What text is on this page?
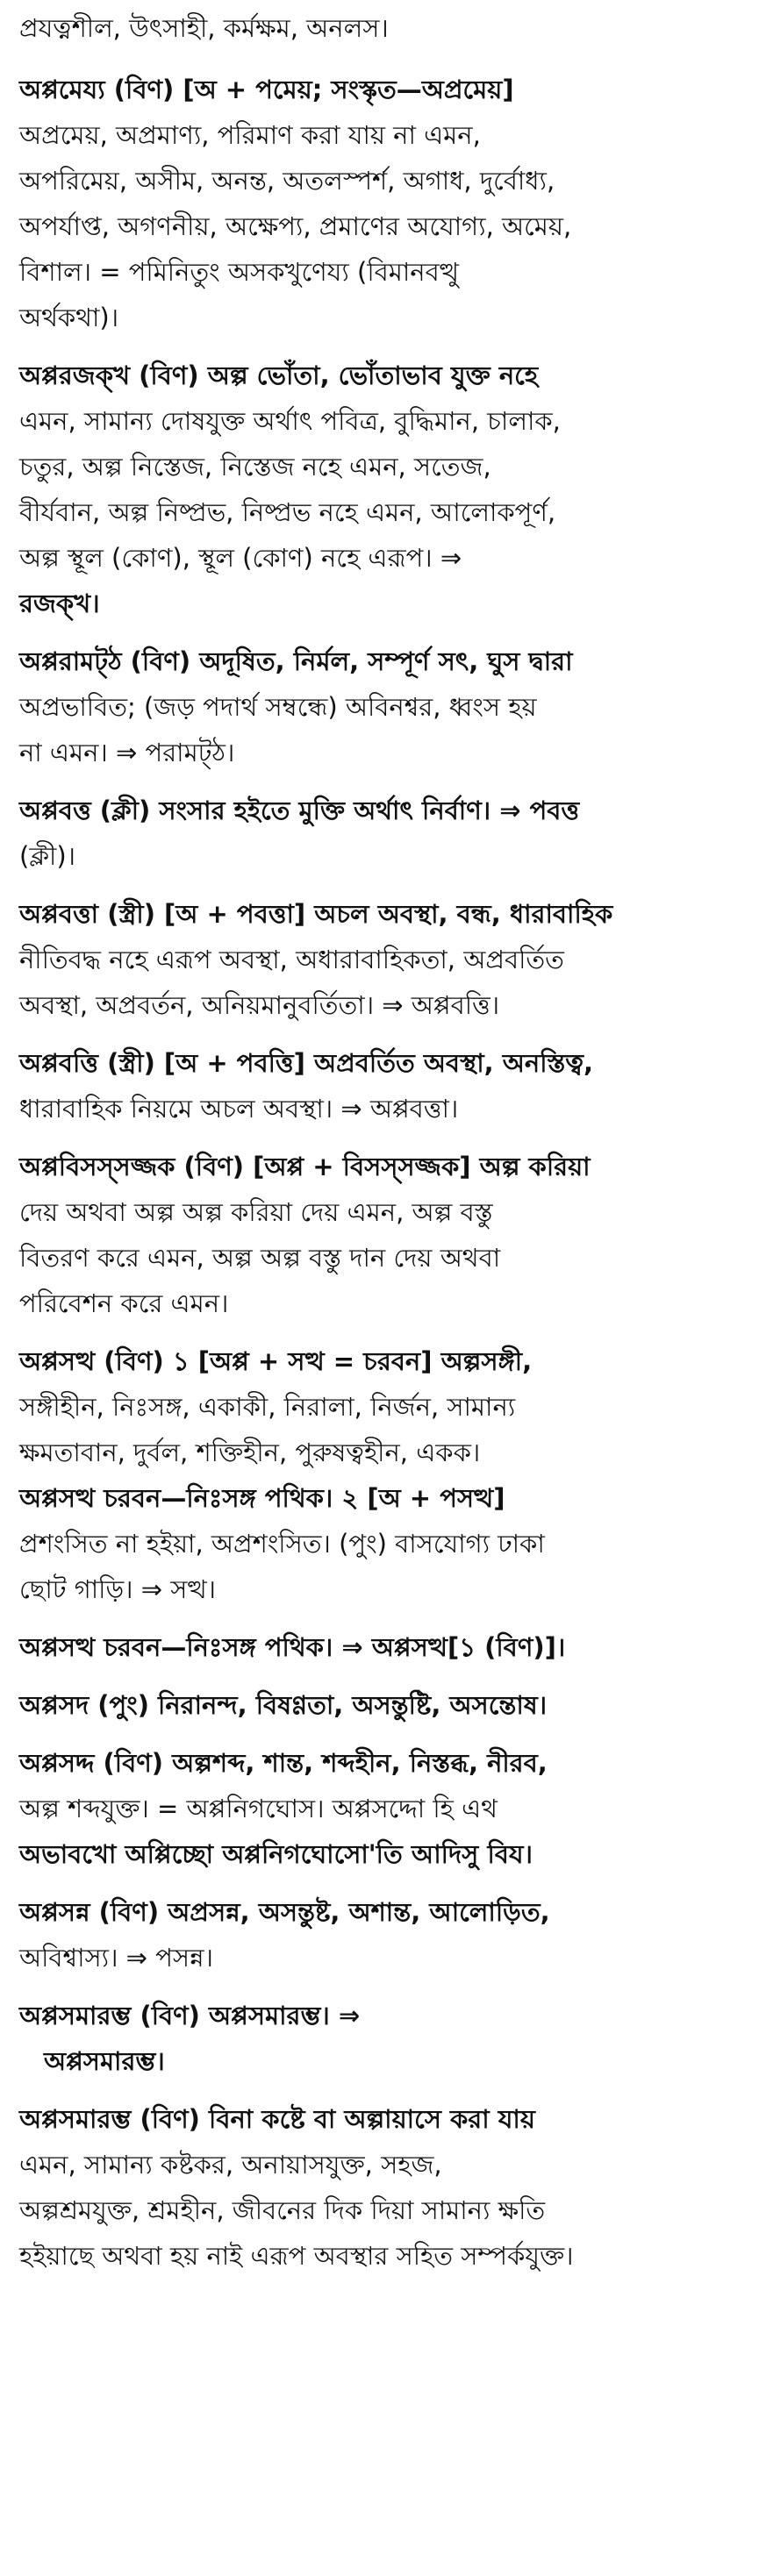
প্রযত্নশীল, উৎসাহী, কর্মক্ষম, অনলস।

অপ্পমেয্য (বিণ) [অ + পমেয়; সংস্কৃত—অপ্রমেয়]
অপ্রমেয়, অপ্রমাণ্য, পরিমাণ করা যায় না এমন,
অপরিমেয়, অসীম, অনন্ত, অতলস্পর্শ, অগাধ, দুর্বোধ্য,
অপর্যাপ্ত, অগণনীয়, অক্ষেপ্য, প্রমাণের অযোগ্য, অমেয়,
বিশাল। = পমিনিতুং অসকখুণেয্য (বিমানবত্থু
অর্থকথা)।

অপ্পরজক্খ (বিণ) অল্প ভোঁতা, ভোঁতাভাব যুক্ত নহে
এমন, সামান্য দোষযুক্ত অর্থাৎ পবিত্র, বুদ্ধিমান, চালাক,
চতুর, অল্প নিস্তেজ, নিস্তেজ নহে এমন, সতেজ,
বীর্যবান, অল্প নিষ্প্রভ, নিষ্প্রভ নহে এমন, আলোকপূর্ণ,
অল্প স্থূল (কোণ), স্থূল (কোণ) নহে এরূপ। ⇒
রজক্খ।

অপ্পরামট্ঠ (বিণ) অদূষিত, নির্মল, সম্পূর্ণ সৎ, ঘুস দ্বারা
অপ্রভাবিত; (জড় পদার্থ সম্বন্ধে) অবিনশ্বর, ধ্বংস হয়
না এমন। ⇒ পরামট্ঠ।

অপ্পবত্ত (ক্লী) সংসার হইতে মুক্তি অর্থাৎ নির্বাণ। ⇒ পবত্ত
(ক্লী)।

অপ্পবত্তা (স্ত্রী) [অ + পবত্তা] অচল অবস্থা, বন্ধ, ধারাবাহিক
নীতিবদ্ধ নহে এরূপ অবস্থা, অধারাবাহিকতা, অপ্রবর্তিত
অবস্থা, অপ্রবর্তন, অনিয়মানুবর্তিতা। ⇒ অপ্পবত্তি।

অপ্পবত্তি (স্ত্রী) [অ + পবত্তি] অপ্রবর্তিত অবস্থা, অনস্তিত্ব,
ধারাবাহিক নিয়মে অচল অবস্থা। ⇒ অপ্পবত্তা।

অপ্পবিসস্সজ্জক (বিণ) [অপ্প + বিসস্সজ্জক] অল্প করিয়া
দেয় অথবা অল্প অল্প করিয়া দেয় এমন, অল্প বস্তু
বিতরণ করে এমন, অল্প অল্প বস্তু দান দেয় অথবা
পরিবেশন করে এমন।

অপ্পসত্থ (বিণ) ১ [অপ্প + সত্থ = চরবন] অল্পসঙ্গী,
সঙ্গীহীন, নিঃসঙ্গ, একাকী, নিরালা, নির্জন, সামান্য
ক্ষমতাবান, দুর্বল, শক্তিহীন, পুরুষত্বহীন, একক।
অপ্পসত্থ চরবন—নিঃসঙ্গ পথিক। ২ [অ + পসত্থ]
প্রশংসিত না হইয়া, অপ্রশংসিত। (পুং) বাসযোগ্য ঢাকা
ছোট গাড়ি। ⇒ সত্থ।

অপ্পসত্থ চরবন—নিঃসঙ্গ পথিক। ⇒ অপ্পসত্থ[১ (বিণ)]।

অপ্পসদ (পুং) নিরানন্দ, বিষণ্ণতা, অসন্তুষ্টি, অসন্তোষ।

অপ্পসদ্দ (বিণ) অল্পশব্দ, শান্ত, শব্দহীন, নিস্তব্ধ, নীরব,
অল্প শব্দযুক্ত। = অপ্পনিগঘোস। অপ্পসদ্দো হি এথ
অভাবখো অপ্পিচ্ছো অপ্পনিগঘোসো'তি আদিসু বিয।

অপ্পসন্ন (বিণ) অপ্রসন্ন, অসন্তুষ্ট, অশান্ত, আলোড়িত,
অবিশ্বাস্য। ⇒ পসন্ন।

অপ্পসমারম্ভ (বিণ) অপ্পসমারম্ভ। ⇒
অপ্পসমারম্ভ।

অপ্পসমারম্ভ (বিণ) বিনা কষ্টে বা অল্পায়াসে করা যায়
এমন, সামান্য কষ্টকর, অনায়াসযুক্ত, সহজ,
অল্পশ্রমযুক্ত, শ্রমহীন, জীবনের দিক দিয়া সামান্য ক্ষতি
হইয়াছে অথবা হয় নাই এরূপ অবস্থার সহিত সম্পর্কযুক্ত।
